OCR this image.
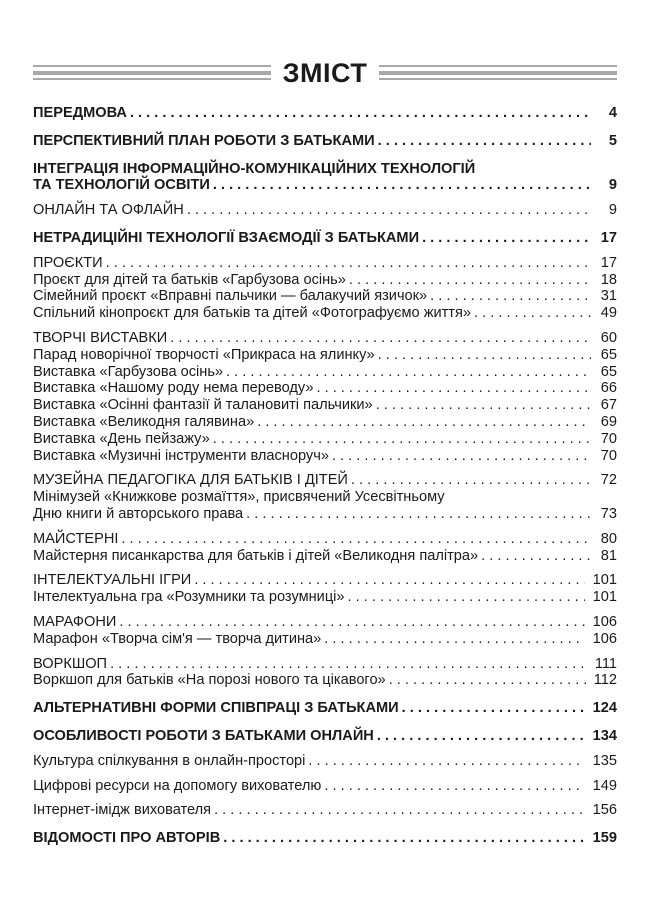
ЗМІСТ
ПЕРЕДМОВА . . .	4
ПЕРСПЕКТИВНИЙ ПЛАН РОБОТИ З БАТЬКАМИ . . .	5
ІНТЕГРАЦІЯ ІНФОРМАЦІЙНО-КОМУНІКАЦІЙНИХ ТЕХНОЛОГІЙ
ТА ТЕХНОЛОГІЙ ОСВІТИ . . .	9
ОНЛАЙН ТА ОФЛАЙН . . .	9
НЕТРАДИЦІЙНІ ТЕХНОЛОГІЇ ВЗАЄМОДІЇ З БАТЬКАМИ . . .	17
ПРОЄКТИ . . .	17
Проєкт для дітей та батьків «Гарбузова осінь» . . .	18
Сімейний проєкт «Вправні пальчики — балакучий язичок» . . .	31
Спільний кінопроєкт для батьків та дітей «Фотографуємо життя» . . .	49
ТВОРЧІ ВИСТАВКИ . . .	60
Парад новорічної творчості «Прикраса на ялинку» . . .	65
Виставка «Гарбузова осінь» . . .	65
Виставка «Нашому роду нема переводу» . . .	66
Виставка «Осінні фантазії й талановиті пальчики» . . .	67
Виставка «Великодня галявина» . . .	69
Виставка «День пейзажу» . . .	70
Виставка «Музичні інструменти власноруч» . . .	70
МУЗЕЙНА ПЕДАГОГІКА ДЛЯ БАТЬКІВ І ДІТЕЙ . . .	72
Мінімузей «Книжкове розмаїття», присвячений Усесвітньому
Дню книги й авторського права . . .	73
МАЙСТЕРНІ . . .	80
Майстерня писанкарства для батьків і дітей «Великодня палітра» . . .	81
ІНТЕЛЕКТУАЛЬНІ ІГРИ . . .	101
Інтелектуальна гра «Розумники та розумниці» . . .	101
МАРАФОНИ . . .	106
Марафон «Творча сім'я — творча дитина» . . .	106
ВОРКШОП . . .	111
Воркшоп для батьків «На порозі нового та цікавого» . . .	112
АЛЬТЕРНАТИВНІ ФОРМИ СПІВПРАЦІ З БАТЬКАМИ . . .	124
ОСОБЛИВОСТІ РОБОТИ З БАТЬКАМИ ОНЛАЙН . . .	134
Культура спілкування в онлайн-просторі . . .	135
Цифрові ресурси на допомогу вихователю . . .	149
Інтернет-імідж вихователя . . .	156
ВІДОМОСТІ ПРО АВТОРІВ . . .	159
